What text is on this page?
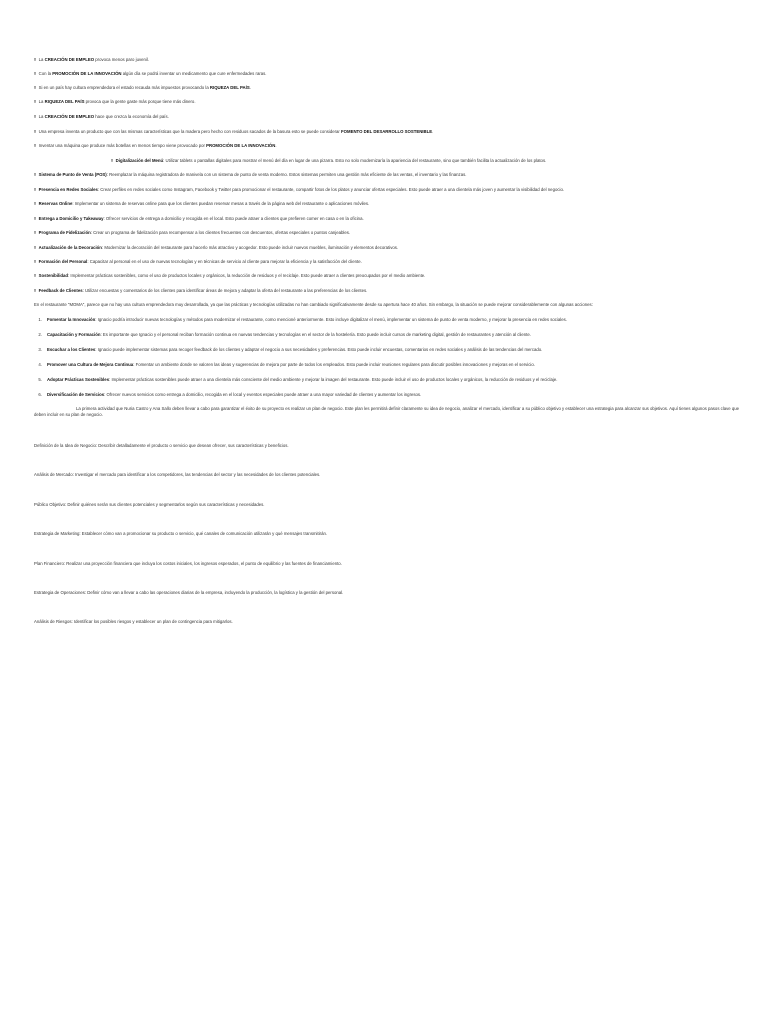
‼ La CREACIÓN DE EMPLEO provoca menos paro juvenil.
‼ Con la PROMOCIÓN DE LA INNOVACIÓN algún día se podrá inventar un medicamento que cure enfermedades raras.
‼ Si en un país hay cultura emprendedora el estado recauda más impuestos provocando la RIQUEZA DEL PAÍS.
‼ La RIQUEZA DEL PAÍS provoca que la gente gaste más porque tiene más dinero.
‼ La CREACIÓN DE EMPLEO hace que crezca la economía del país.
‼ Una empresa inventa un producto que con las mismas características que la madera pero hecho con residuos sacados de la basura esto se puede considerar FOMENTO DEL DESARROLLO SOSTENIBLE.
‼ Inventar una máquina que produce más botellas en menos tiempo viene provocado por PROMOCIÓN DE LA INNOVACIÓN.
‼ Digitalización del Menú: Utilizar tablets o pantallas digitales para mostrar el menú del día en lugar de una pizarra. Esto no solo modernizaría la apariencia del restaurante, sino que también facilita la actualización de los platos.
‼ Sistema de Punto de Venta (POS): Reemplazar la máquina registradora de manivela con un sistema de punto de venta moderno. Estos sistemas permiten una gestión más eficiente de las ventas, el inventario y las finanzas.
‼ Presencia en Redes Sociales: Crear perfiles en redes sociales como Instagram, Facebook y Twitter para promocionar el restaurante, compartir fotos de los platos y anunciar ofertas especiales. Esto puede atraer a una clientela más joven y aumentar la visibilidad del negocio.
‼ Reservas Online: Implementar un sistema de reservas online para que los clientes puedan reservar mesas a través de la página web del restaurante o aplicaciones móviles.
‼ Entrega a Domicilio y Takeaway: Ofrecer servicios de entrega a domicilio y recogida en el local. Esto puede atraer a clientes que prefieren comer en casa o en la oficina.
‼ Programa de Fidelización: Crear un programa de fidelización para recompensar a los clientes frecuentes con descuentos, ofertas especiales o puntos canjeables.
‼ Actualización de la Decoración: Modernizar la decoración del restaurante para hacerlo más atractivo y acogedor. Esto puede incluir nuevos muebles, iluminación y elementos decorativos.
‼ Formación del Personal: Capacitar al personal en el uso de nuevas tecnologías y en técnicas de servicio al cliente para mejorar la eficiencia y la satisfacción del cliente.
‼ Sostenibilidad: Implementar prácticas sostenibles, como el uso de productos locales y orgánicos, la reducción de residuos y el reciclaje. Esto puede atraer a clientes preocupados por el medio ambiente.
‼ Feedback de Clientes: Utilizar encuestas y comentarios de los clientes para identificar áreas de mejora y adaptar la oferta del restaurante a las preferencias de los clientes.
En el restaurante "MOMA", parece que no hay una cultura emprendedora muy desarrollada, ya que las prácticas y tecnologías utilizadas no han cambiado significativamente desde su apertura hace 40 años. Sin embargo, la situación se puede mejorar considerablemente con algunas acciones:
1. Fomentar la Innovación: Ignacio podría introducir nuevas tecnologías y métodos para modernizar el restaurante, como mencioné anteriormente. Esto incluye digitalizar el menú, implementar un sistema de punto de venta moderno, y mejorar la presencia en redes sociales.
2. Capacitación y Formación: Es importante que Ignacio y el personal reciban formación continua en nuevas tendencias y tecnologías en el sector de la hostelería. Esto puede incluir cursos de marketing digital, gestión de restaurantes y atención al cliente.
3. Escuchar a los Clientes: Ignacio puede implementar sistemas para recoger feedback de los clientes y adaptar el negocio a sus necesidades y preferencias. Esto puede incluir encuestas, comentarios en redes sociales y análisis de las tendencias del mercado.
4. Promover una Cultura de Mejora Continua: Fomentar un ambiente donde se valoren las ideas y sugerencias de mejora por parte de todos los empleados. Esto puede incluir reuniones regulares para discutir posibles innovaciones y mejoras en el servicio.
5. Adoptar Prácticas Sostenibles: Implementar prácticas sostenibles puede atraer a una clientela más consciente del medio ambiente y mejorar la imagen del restaurante. Esto puede incluir el uso de productos locales y orgánicos, la reducción de residuos y el reciclaje.
6. Diversificación de Servicios: Ofrecer nuevos servicios como entrega a domicilio, recogida en el local y eventos especiales puede atraer a una mayor variedad de clientes y aumentar los ingresos.
La primera actividad que Nuria Castro y Ana Sallo deben llevar a cabo para garantizar el éxito de su proyecto es realizar un plan de negocio. Este plan les permitirá definir claramente su idea de negocio, analizar el mercado, identificar a su público objetivo y establecer una estrategia para alcanzar sus objetivos. Aquí tienes algunos pasos clave que deben incluir en su plan de negocio.
Definición de la Idea de Negocio: Describir detalladamente el producto o servicio que desean ofrecer, sus características y beneficios.
Análisis de Mercado: Investigar el mercado para identificar a los competidores, las tendencias del sector y las necesidades de los clientes potenciales.
Público Objetivo: Definir quiénes serán sus clientes potenciales y segmentarlos según sus características y necesidades.
Estrategia de Marketing: Establecer cómo van a promocionar su producto o servicio, qué canales de comunicación utilizarán y qué mensajes transmitirán.
Plan Financiero: Realizar una proyección financiera que incluya los costos iniciales, los ingresos esperados, el punto de equilibrio y las fuentes de financiamiento.
Estrategia de Operaciones: Definir cómo van a llevar a cabo las operaciones diarias de la empresa, incluyendo la producción, la logística y la gestión del personal.
Análisis de Riesgos: Identificar los posibles riesgos y establecer un plan de contingencia para mitigarlos.
